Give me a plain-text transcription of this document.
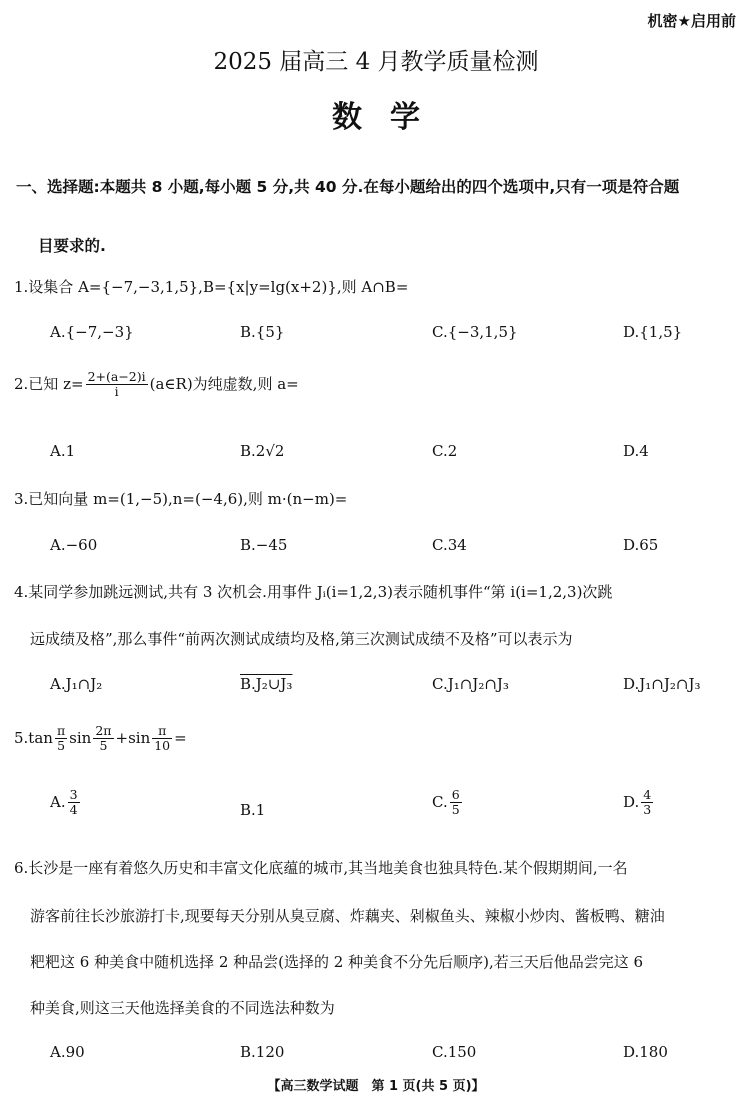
机密★启用前
2025 届高三 4 月教学质量检测
数学
一、选择题:本题共 8 小题,每小题 5 分,共 40 分.在每小题给出的四个选项中,只有一项是符合题
目要求的.
1.设集合 A={−7,−3,1,5},B={x|y=lg(x+2)},则 A∩B=
A.{−7,−3}	B.{5}	C.{−3,1,5}	D.{1,5}
2.已知 $z= \frac{2+(a-2)i}{i}$ (a∈R)为纯虚数,则 a=
A.1	B.2√2	C.2	D.4
3.已知向量 m=(1,−5),n=(−4,6),则 m·(n−m)=
A.−60	B.−45	C.34	D.65
4.某同学参加跳远测试,共有 3 次机会.用事件 Jᵢ(i=1,2,3)表示随机事件“第 i(i=1,2,3)次跳
远成绩及格”,那么事件“前两次测试成绩均及格,第三次测试成绩不及格”可以表示为
A.J₁∩J₂	B.J₂∪J₃	C.J₁∩J₂∩J₃	D.J₁∩J₂∩J₃
$5.\tan \frac{\pi}{5}$ $\sin \frac{2\pi}{5} +\sin \frac{\pi}{10}$ =
A. $\frac{3}{4}$	B.1	C. $\frac{6}{5}$	D. $\frac{4}{3}$
6.长沙是一座有着悠久历史和丰富文化底蕴的城市,其当地美食也独具特色.某个假期期间,一名
游客前往长沙旅游打卡,现要每天分别从臭豆腐、炸藕夹、剁椒鱼头、辣椒小炒肉、酱板鸭、糖油
粑粑这 6 种美食中随机选择 2 种品尝(选择的 2 种美食不分先后顺序),若三天后他品尝完这 6
种美食,则这三天他选择美食的不同选法种数为
A.90	B.120	C.150	D.180
【高三数学试题　第 1 页(共 5 页)】
